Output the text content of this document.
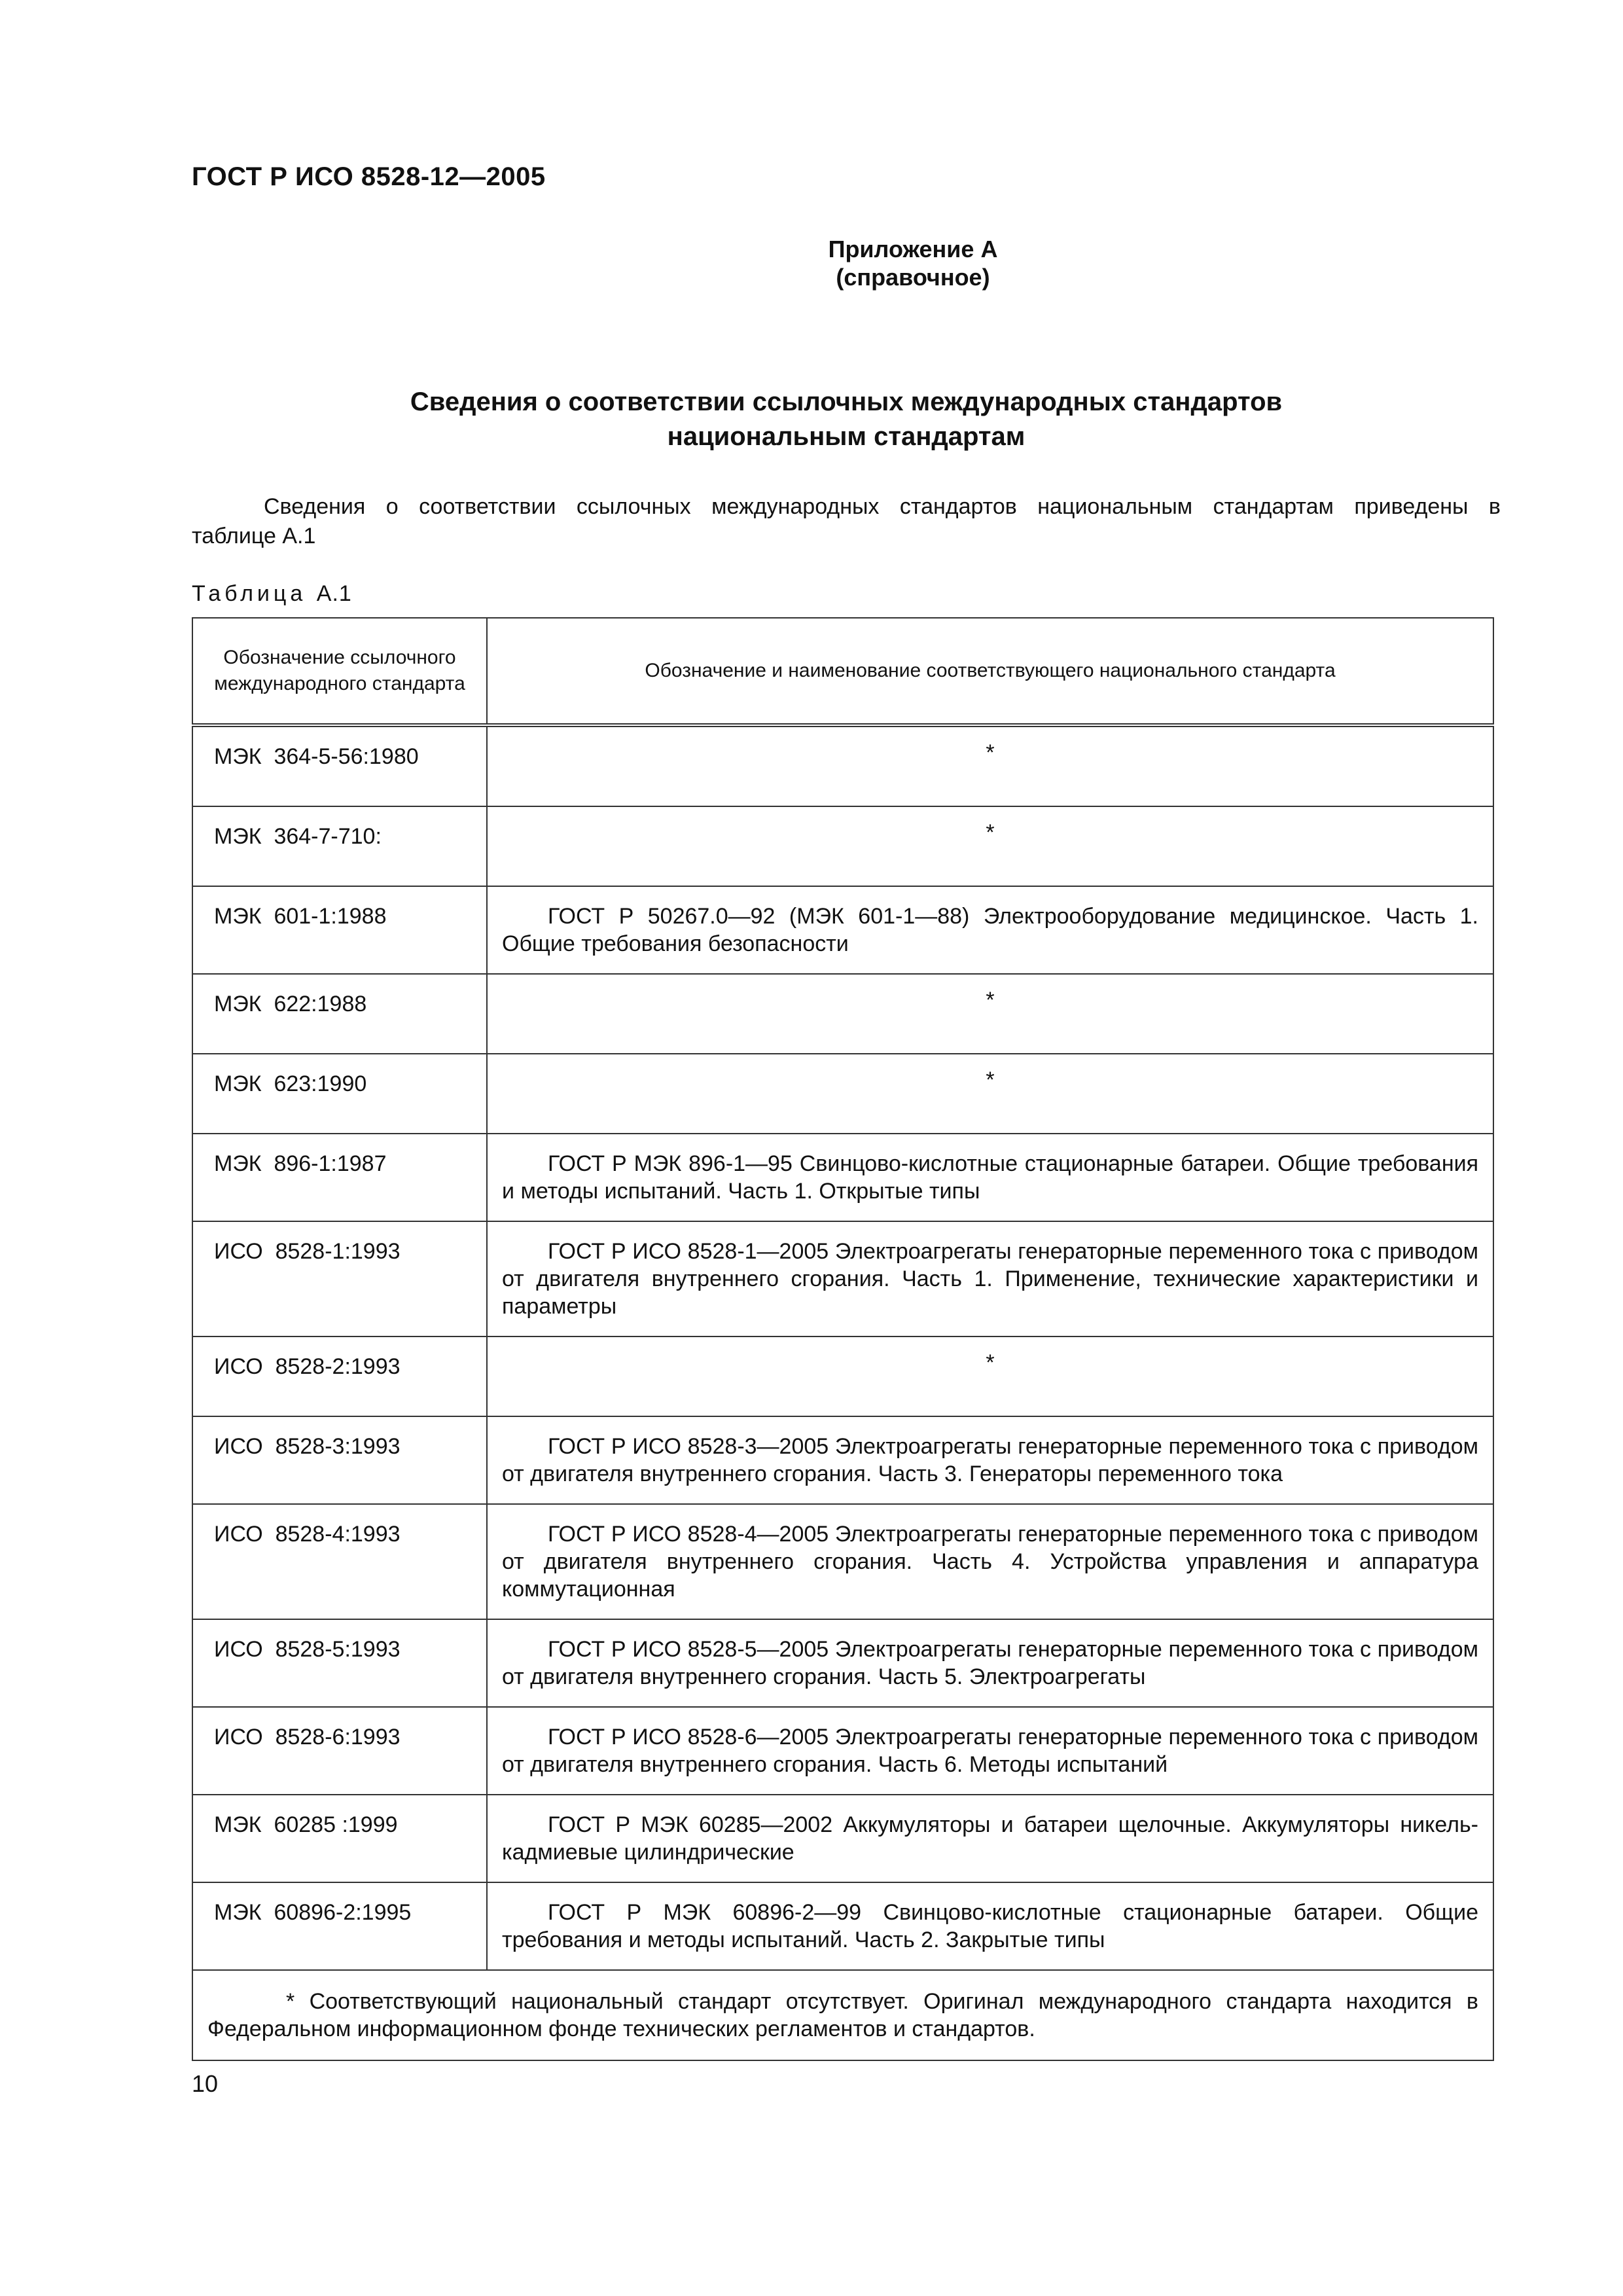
ГОСТ Р ИСО 8528-12—2005
Приложение А
(справочное)
Сведения о соответствии ссылочных международных стандартов
национальным стандартам
Сведения о соответствии ссылочных международных стандартов национальным стандартам приведены в
таблице А.1
Таблица А.1
Обозначение ссылочного международного стандарта	Обозначение и наименование соответствующего национального стандарта
МЭК  364-5-56:1980	*
МЭК  364-7-710:	*
МЭК  601-1:1988	ГОСТ Р 50267.0—92 (МЭК 601-1—88) Электрооборудование медицинское. Часть 1. Общие требования безопасности
МЭК  622:1988	*
МЭК  623:1990	*
МЭК  896-1:1987	ГОСТ Р МЭК 896-1—95 Свинцово-кислотные стационарные батареи. Общие требования и методы испытаний. Часть 1. Открытые типы
ИСО  8528-1:1993	ГОСТ Р ИСО 8528-1—2005 Электроагрегаты генераторные переменного тока с приводом от двигателя внутреннего сгорания. Часть 1. Применение, технические характеристики и параметры
ИСО  8528-2:1993	*
ИСО  8528-3:1993	ГОСТ Р ИСО 8528-3—2005 Электроагрегаты генераторные переменного тока с приводом от двигателя внутреннего сгорания. Часть 3. Генераторы переменного тока
ИСО  8528-4:1993	ГОСТ Р ИСО 8528-4—2005 Электроагрегаты генераторные переменного тока с приводом от двигателя внутреннего сгорания. Часть 4. Устройства управления и аппаратура коммутационная
ИСО  8528-5:1993	ГОСТ Р ИСО 8528-5—2005 Электроагрегаты генераторные переменного тока с приводом от двигателя внутреннего сгорания. Часть 5. Электроагрегаты
ИСО  8528-6:1993	ГОСТ Р ИСО 8528-6—2005 Электроагрегаты генераторные переменного тока с приводом от двигателя внутреннего сгорания. Часть 6. Методы испытаний
МЭК  60285 :1999	ГОСТ Р МЭК 60285—2002 Аккумуляторы и батареи щелочные. Аккумуляторы никель-кадмиевые цилиндрические
МЭК  60896-2:1995	ГОСТ Р МЭК 60896-2—99 Свинцово-кислотные стационарные батареи. Общие требования и методы испытаний. Часть 2. Закрытые типы
* Соответствующий национальный стандарт отсутствует. Оригинал международного стандарта находится в Федеральном информационном фонде технических регламентов и стандартов.	
10
